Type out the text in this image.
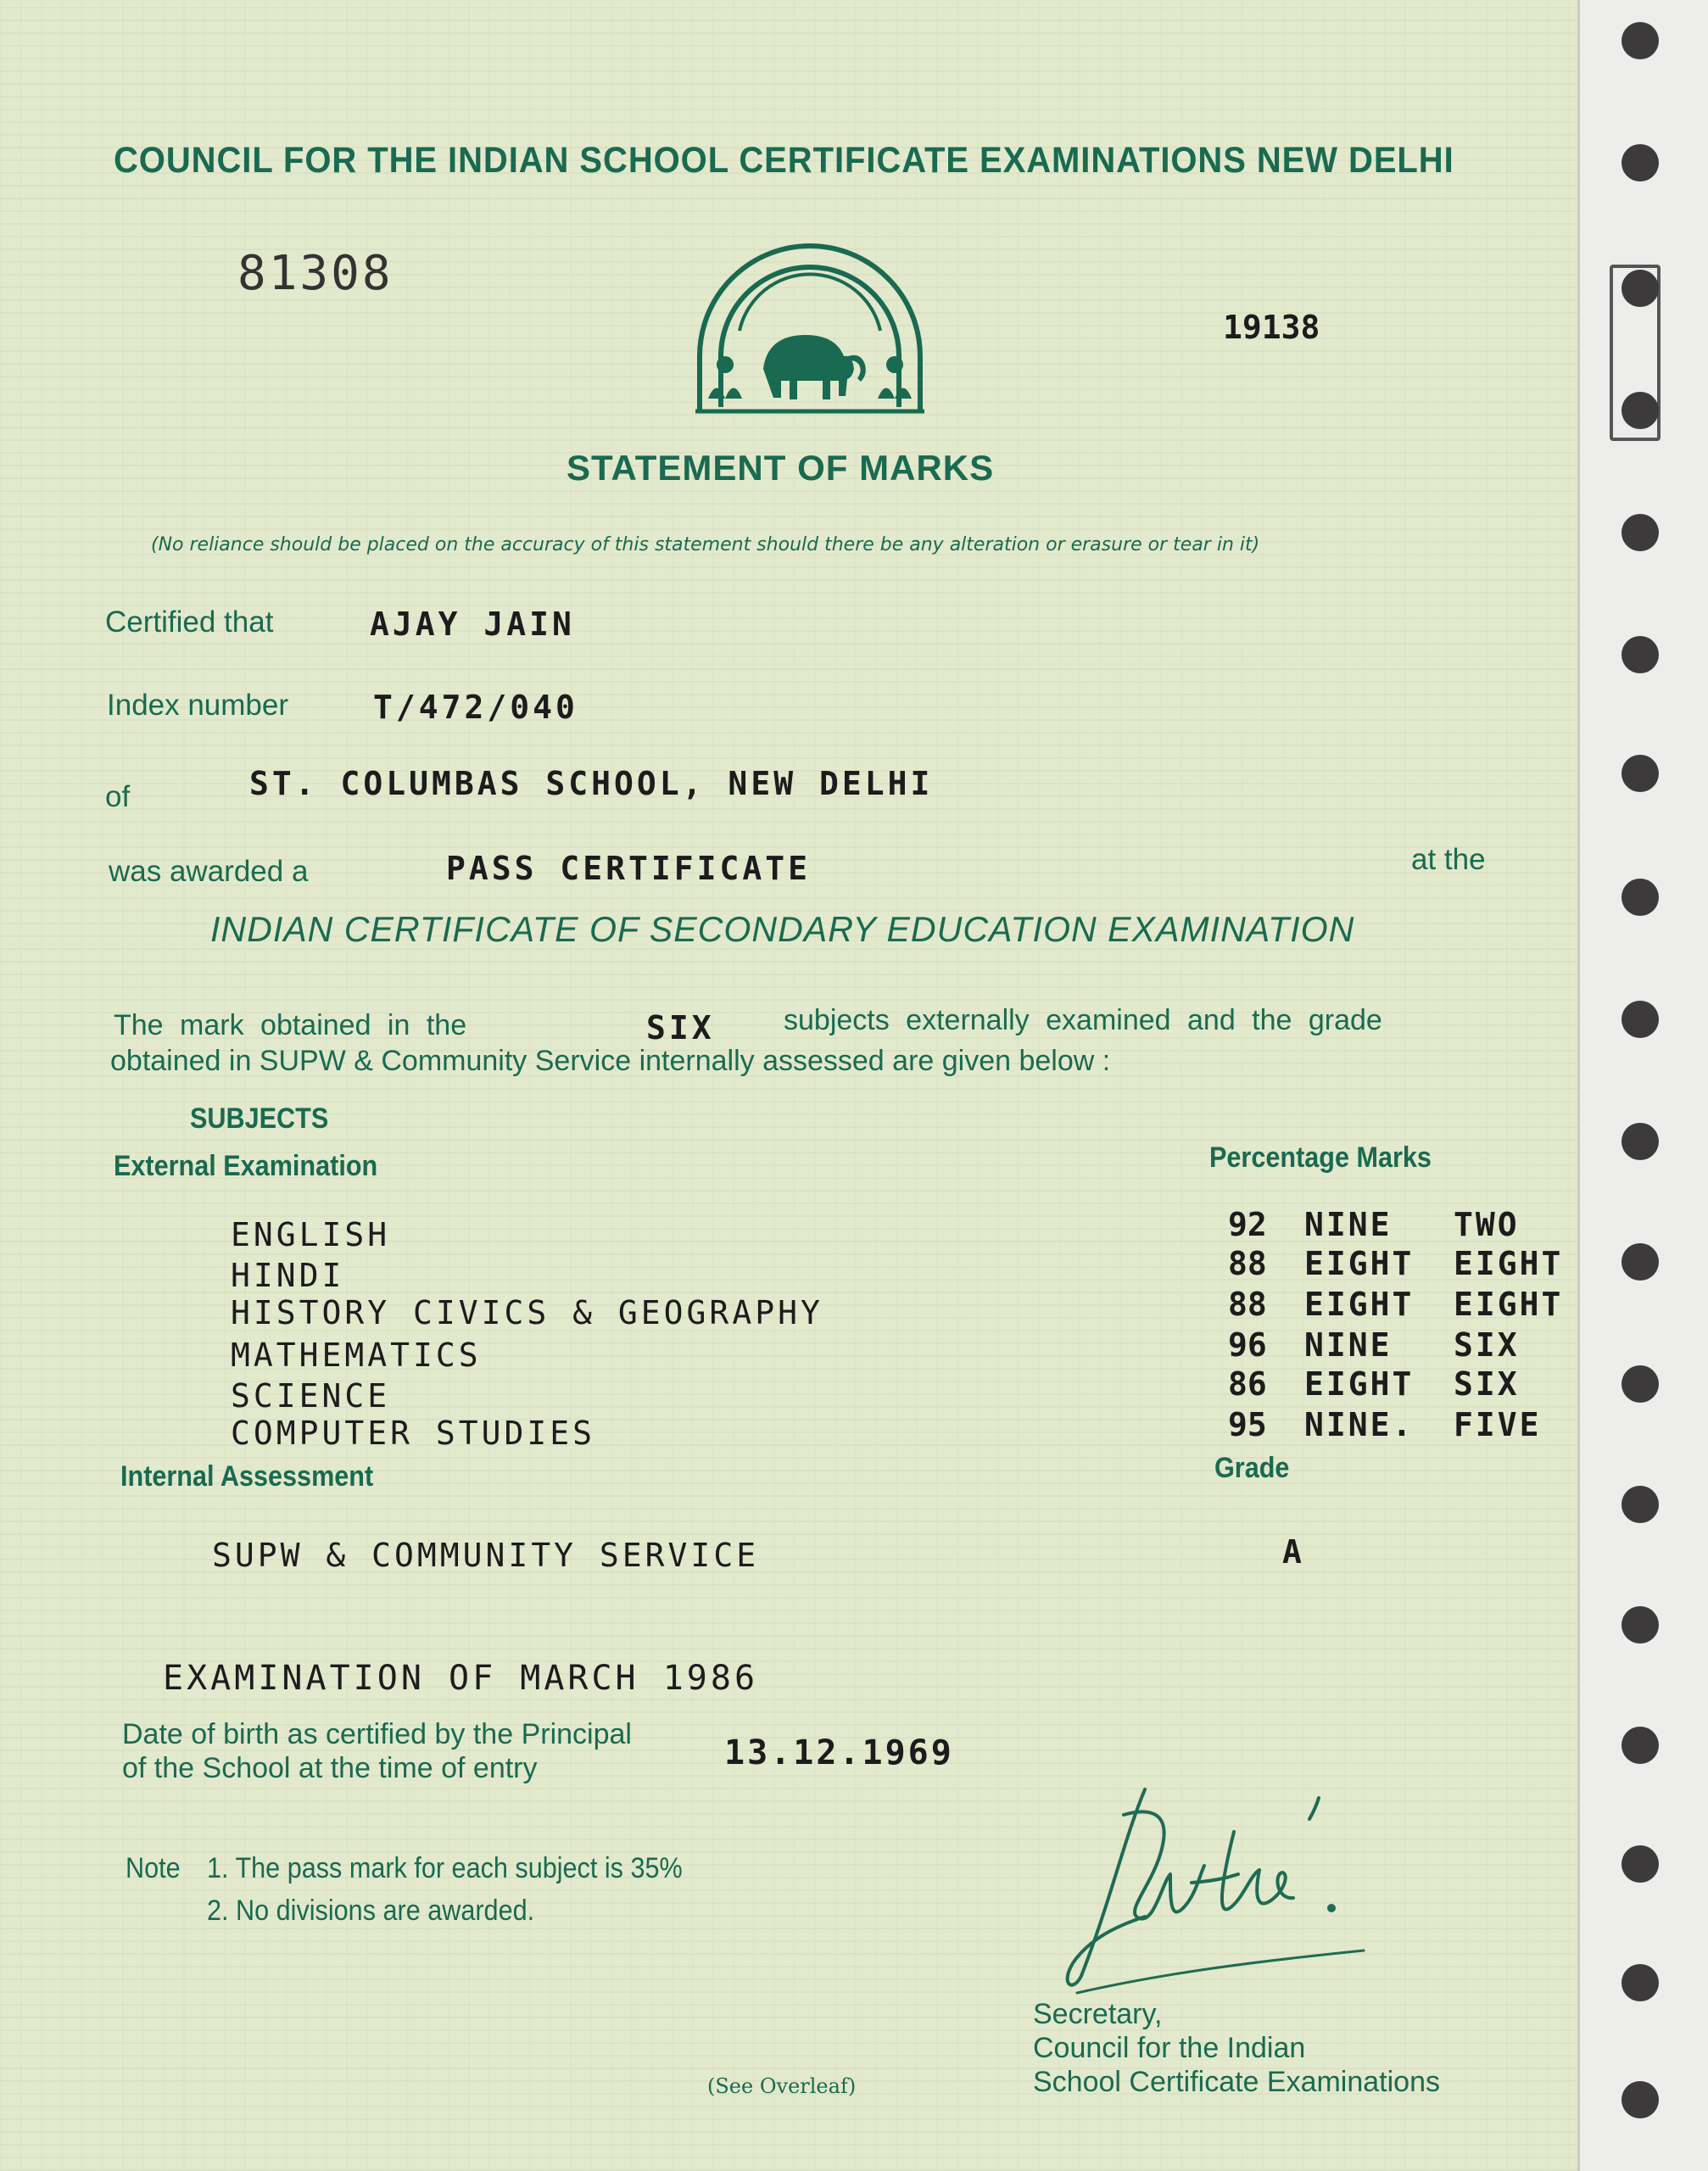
COUNCIL FOR THE INDIAN SCHOOL CERTIFICATE EXAMINATIONS NEW DELHI
81308
19138
STATEMENT OF MARKS
(No reliance should be placed on the accuracy of this statement should there be any alteration or erasure or tear in it)
Certified that	AJAY JAIN
Index number	T/472/040
of	ST. COLUMBAS SCHOOL, NEW DELHI
was awarded a	PASS CERTIFICATE	at the
INDIAN CERTIFICATE OF SECONDARY EDUCATION EXAMINATION
The mark obtained in the	SIX subjects externally examined and the grade
obtained in SUPW & Community Service internally assessed are given below :
SUBJECTS
External Examination	Percentage Marks
ENGLISH	92 NINE TWO
HINDI	88 EIGHT EIGHT
HISTORY CIVICS & GEOGRAPHY	88 EIGHT EIGHT
MATHEMATICS	96 NINE SIX
SCIENCE	86 EIGHT SIX
COMPUTER STUDIES	95 NINE. FIVE
Internal Assessment	Grade
SUPW & COMMUNITY SERVICE	A
EXAMINATION OF MARCH 1986
Date of birth as certified by the Principal
of the School at the time of entry	13.12.1969
Note 1. The pass mark for each subject is 35%
2. No divisions are awarded.
Secretary,
Council for the Indian
School Certificate Examinations
(See Overleaf)
